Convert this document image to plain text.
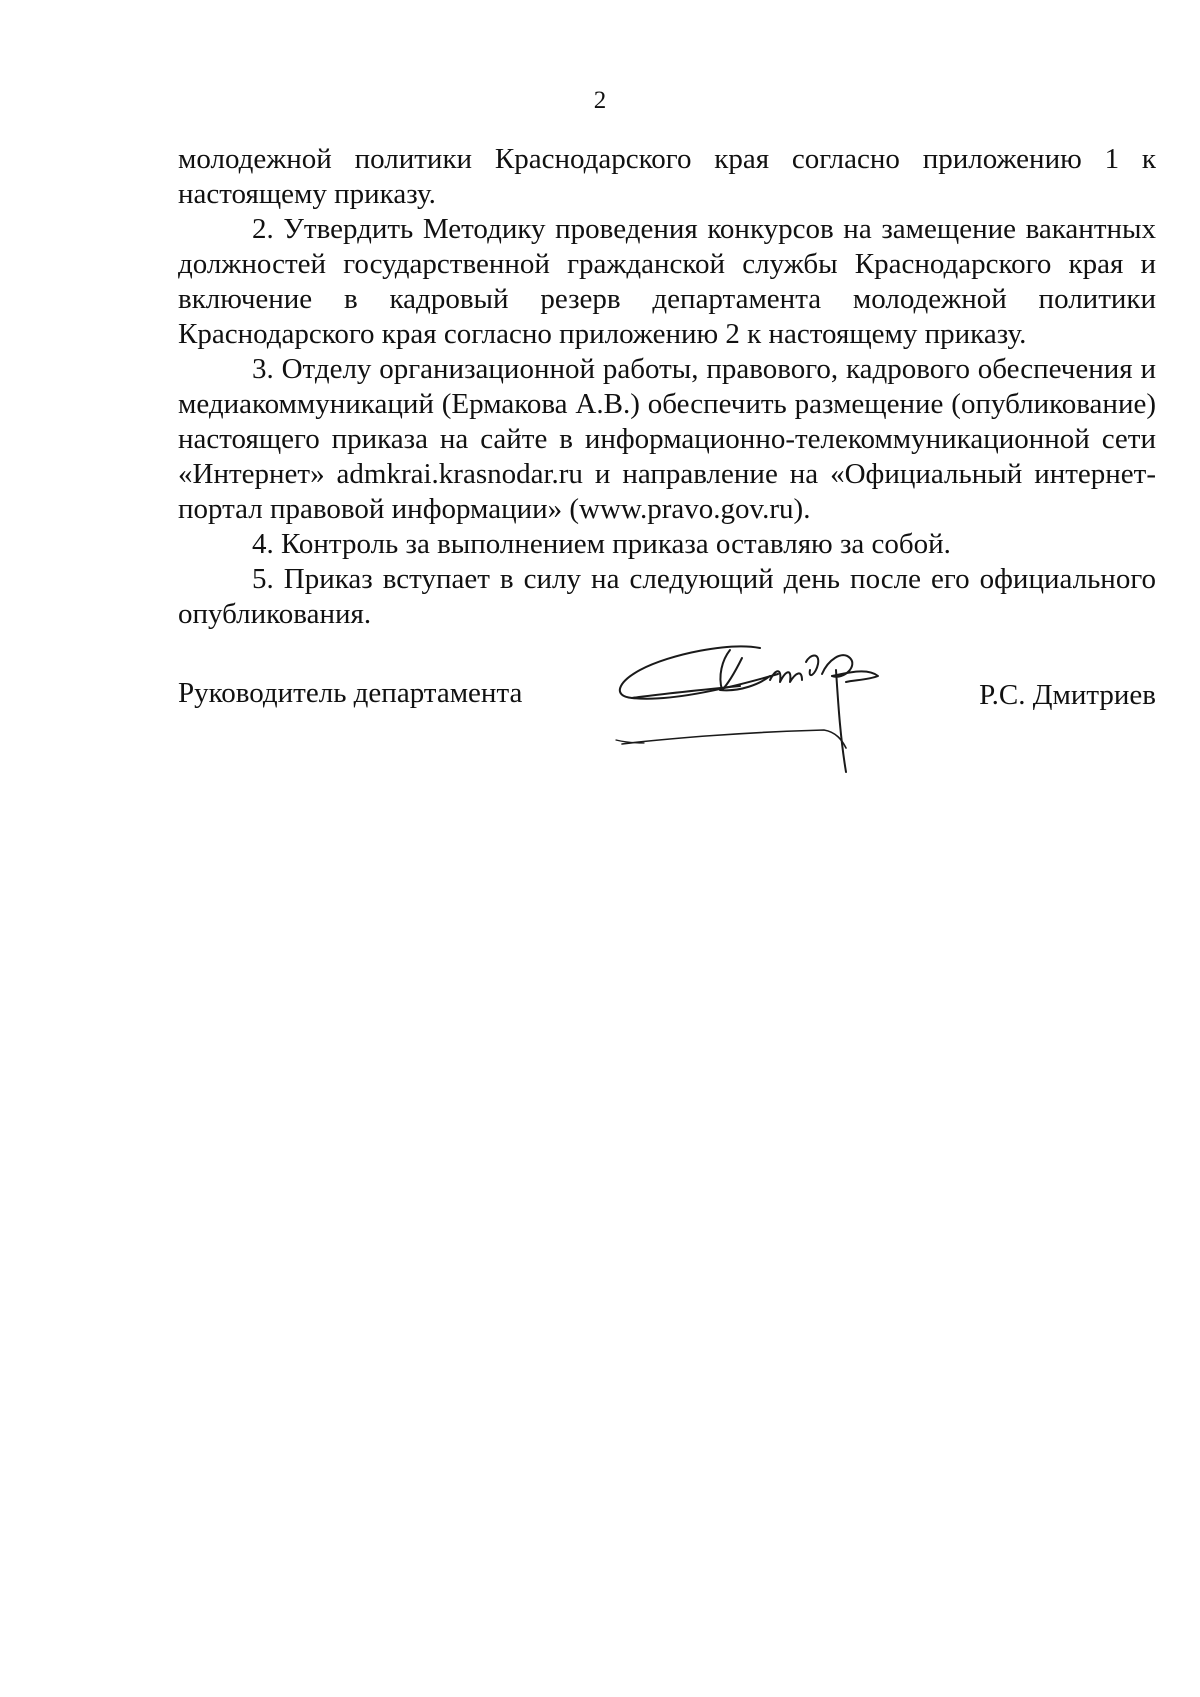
2

молодежной политики Краснодарского края согласно приложению 1 к настоящему приказу.

2. Утвердить Методику проведения конкурсов на замещение вакантных должностей государственной гражданской службы Краснодарского края и включение в кадровый резерв департамента молодежной политики Краснодарского края согласно приложению 2 к настоящему приказу.

3. Отделу организационной работы, правового, кадрового обеспечения и медиакоммуникаций (Ермакова А.В.) обеспечить размещение (опубликование) настоящего приказа на сайте в информационно-телекоммуникационной сети «Интернет» admkrai.krasnodar.ru и направление на «Официальный интернет-портал правовой информации» (www.pravo.gov.ru).

4. Контроль за выполнением приказа оставляю за собой.

5. Приказ вступает в силу на следующий день после его официального опубликования.

Руководитель департамента	Р.С. Дмитриев
